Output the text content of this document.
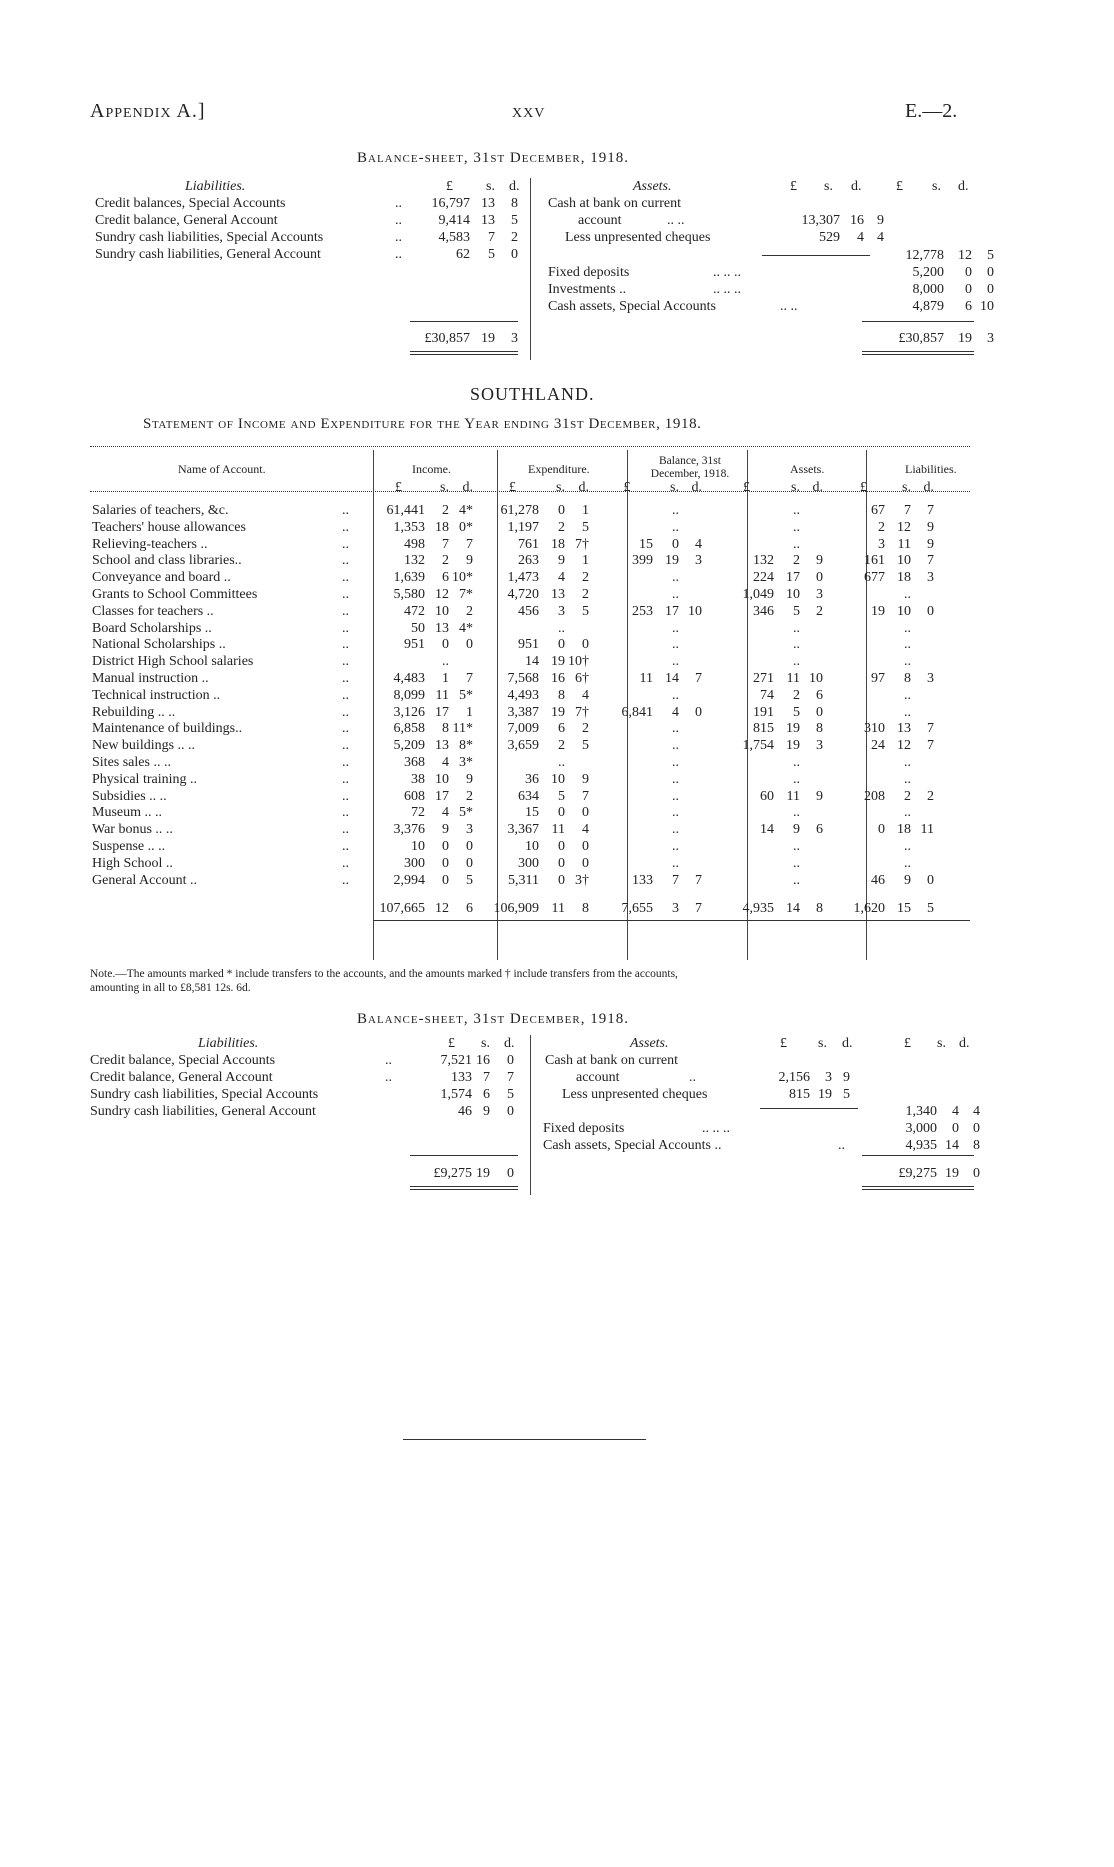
Appendix A.]	xxv	E.—2.
Balance-sheet, 31st December, 1918.
Liabilities.	£ s. d.
Credit balances, Special Accounts	.. 16,797 13 8
Credit balance, General Account	..	9,414 13 5
Sundry cash liabilities, Special Accounts	..	4,583 7 2
Sundry cash liabilities, General Account	..	62 5 0
£30,857 19 3
Assets.	£ s. d. £ s. d.
Cash at bank on current
account	.. ..	13,307 16 9
Less unpresented cheques	529 4 4
12,778 12 5
Fixed deposits	.. .. ..	5,200 0 0
Investments ..	.. .. ..	8,000 0 0
Cash assets, Special Accounts	.. ..	4,879 6 10
£30,857 19 3
SOUTHLAND.
Statement of Income and Expenditure for the Year ending 31st December, 1918.
Name of Account.	Income.	Expenditure.
Balance, 31st December, 1918.	Assets.	Liabilities.
		£	s.	d.		£	s.	d.		£	s.	d.		£	s.	d.		£	s.	d.
Salaries of teachers, &c.	..	61,441	2	4*		61,278	0	1			..				..			67	7	7
Teachers' house allowances	..	1,353	18	0*		1,197	2	5			..				..			2	12	9
Relieving-teachers ..	..	498	7	7		761	18	7†		15	0	4			..			3	11	9
School and class libraries..	..	132	2	9		263	9	1		399	19	3		132	2	9		161	10	7
Conveyance and board ..	..	1,639	6	10*		1,473	4	2			..			224	17	0		677	18	3
Grants to School Committees	..	5,580	12	7*		4,720	13	2			..			1,049	10	3			..	
Classes for teachers ..	..	472	10	2		456	3	5		253	17	10		346	5	2		19	10	0
Board Scholarships ..	..	50	13	4*			..				..				..				..	
National Scholarships ..	..	951	0	0		951	0	0			..				..				..	
District High School salaries	..		..			14	19	10†			..				..				..	
Manual instruction ..	..	4,483	1	7		7,568	16	6†		11	14	7		271	11	10		97	8	3
Technical instruction ..	..	8,099	11	5*		4,493	8	4			..			74	2	6			..	
Rebuilding .. ..	..	3,126	17	1		3,387	19	7†		6,841	4	0		191	5	0			..	
Maintenance of buildings..	..	6,858	8	11*		7,009	6	2			..			815	19	8		310	13	7
New buildings .. ..	..	5,209	13	8*		3,659	2	5			..			1,754	19	3		24	12	7
Sites sales .. ..	..	368	4	3*			..				..				..				..	
Physical training ..	..	38	10	9		36	10	9			..				..				..	
Subsidies .. ..	..	608	17	2		634	5	7			..			60	11	9		208	2	2
Museum .. ..	..	72	4	5*		15	0	0			..				..				..	
War bonus .. ..	..	3,376	9	3		3,367	11	4			..			14	9	6		0	18	11
Suspense .. ..	..	10	0	0		10	0	0			..				..				..	
High School ..	..	300	0	0		300	0	0			..				..				..	
General Account ..	..	2,994	0	5		5,311	0	3†		133	7	7			..			46	9	0

		107,665	12	6		106,909	11	8		7,655	3	7		4,935	14	8		1,620	15	5
Note.—The amounts marked * include transfers to the accounts, and the amounts marked † include transfers from the accounts,
amounting in all to £8,581 12s. 6d.
Balance-sheet, 31st December, 1918.
Liabilities.	£ s. d.
Credit balance, Special Accounts	..	7,521 16 0
Credit balance, General Account	..	133 7 7
Sundry cash liabilities, Special Accounts	1,574 6 5
Sundry cash liabilities, General Account	46 9 0
£9,275 19 0
Assets.	£ s. d.	£ s. d.
Cash at bank on current
account	..	2,156 3 9
Less unpresented cheques	815 19 5
1,340 4 4
Fixed deposits	.. .. ..	3,000 0 0
Cash assets, Special Accounts ..	..	4,935 14 8
£9,275 19 0
